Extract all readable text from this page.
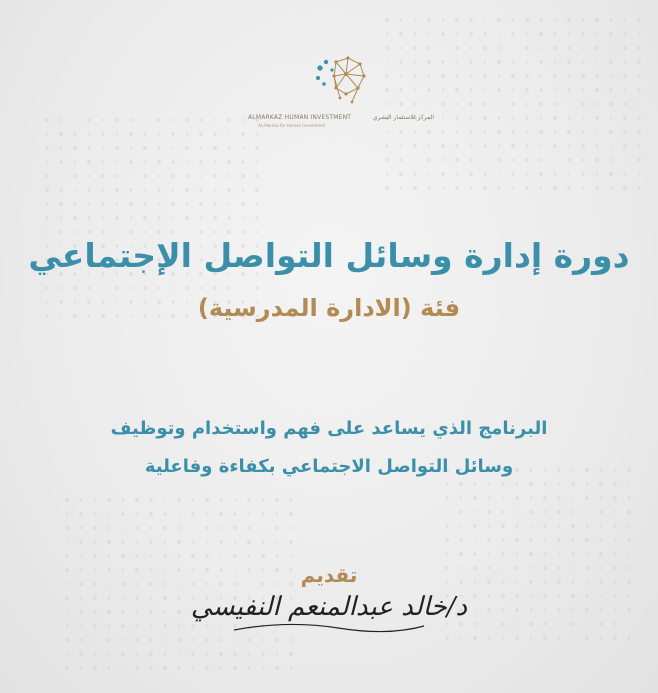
ALMARKAZ HUMAN INVESTMENT	المركز للاستثمار البشري
AL-Markaz for Human Investment
دورة إدارة وسائل التواصل الإجتماعي
فئة (الادارة المدرسية)
البرنامج الذي يساعد على فهم واستخدام وتوظيف
وسائل التواصل الاجتماعي بكفاءة وفاعلية
تقديم
د/خالد عبدالمنعم النفيسي
